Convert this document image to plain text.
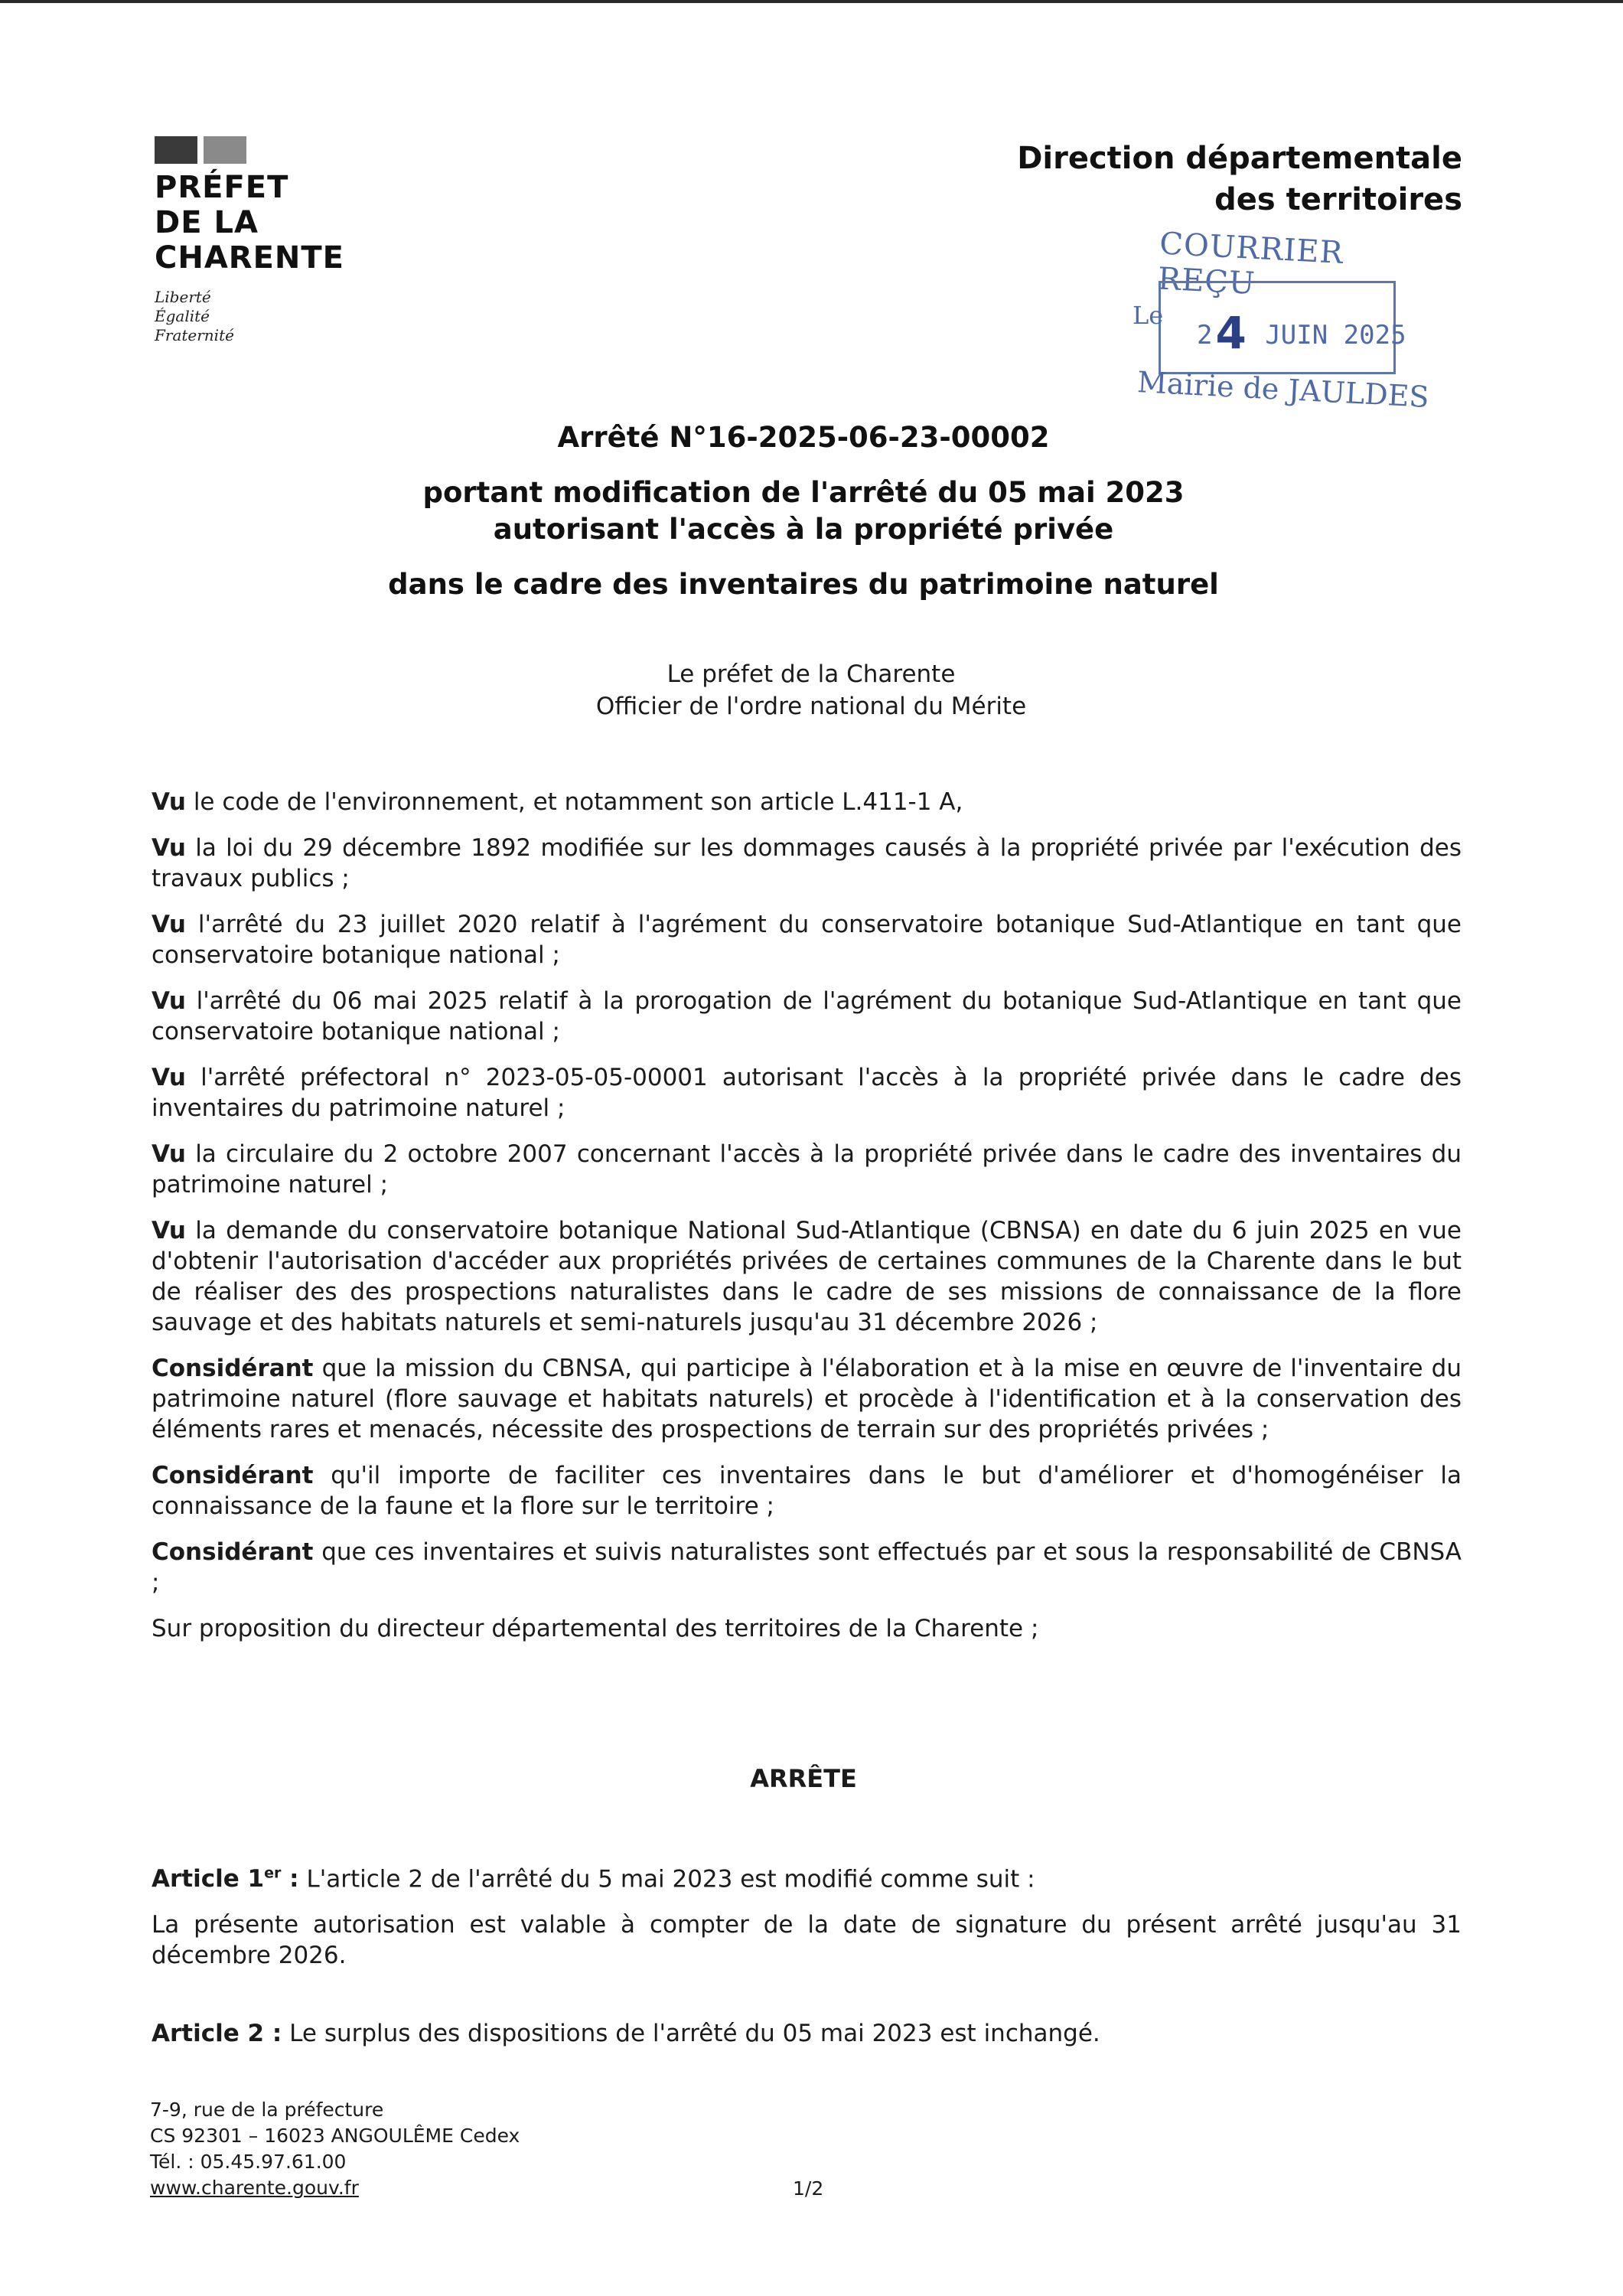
PRÉFET
DE LA
CHARENTE
Liberté
Égalité
Fraternité
Direction départementale
des territoires
COURRIER REÇU
Le
24 JUIN 2025
Mairie de JAULDES
Arrêté N°16-2025-06-23-00002
portant modification de l'arrêté du 05 mai 2023
autorisant l'accès à la propriété privée
dans le cadre des inventaires du patrimoine naturel
Le préfet de la Charente
Officier de l'ordre national du Mérite

Vu le code de l'environnement, et notamment son article L.411-1 A,

Vu la loi du 29 décembre 1892 modifiée sur les dommages causés à la propriété privée par l'exécution des travaux publics ;

Vu l'arrêté du 23 juillet 2020 relatif à l'agrément du conservatoire botanique Sud-Atlantique en tant que conservatoire botanique national ;

Vu l'arrêté du 06 mai 2025 relatif à la prorogation de l'agrément du botanique Sud-Atlantique en tant que conservatoire botanique national ;

Vu l'arrêté préfectoral n° 2023-05-05-00001 autorisant l'accès à la propriété privée dans le cadre des inventaires du patrimoine naturel ;

Vu la circulaire du 2 octobre 2007 concernant l'accès à la propriété privée dans le cadre des inventaires du patrimoine naturel ;

Vu la demande du conservatoire botanique National Sud-Atlantique (CBNSA) en date du 6 juin 2025 en vue d'obtenir l'autorisation d'accéder aux propriétés privées de certaines communes de la Charente dans le but de réaliser des des prospections naturalistes dans le cadre de ses missions de connaissance de la flore sauvage et des habitats naturels et semi-naturels jusqu'au 31 décembre 2026 ;

Considérant que la mission du CBNSA, qui participe à l'élaboration et à la mise en œuvre de l'inventaire du patrimoine naturel (flore sauvage et habitats naturels) et procède à l'identification et à la conservation des éléments rares et menacés, nécessite des prospections de terrain sur des propriétés privées ;

Considérant qu'il importe de faciliter ces inventaires dans le but d'améliorer et d'homogénéiser la connaissance de la faune et la flore sur le territoire ;

Considérant que ces inventaires et suivis naturalistes sont effectués par et sous la responsabilité de CBNSA ;

Sur proposition du directeur départemental des territoires de la Charente ;

ARRÊTE

Article 1er : L'article 2 de l'arrêté du 5 mai 2023 est modifié comme suit :

La présente autorisation est valable à compter de la date de signature du présent arrêté jusqu'au 31 décembre 2026.

Article 2 : Le surplus des dispositions de l'arrêté du 05 mai 2023 est inchangé.

7-9, rue de la préfecture
CS 92301 – 16023 ANGOULÊME Cedex
Tél. : 05.45.97.61.00
www.charente.gouv.fr	1/2
